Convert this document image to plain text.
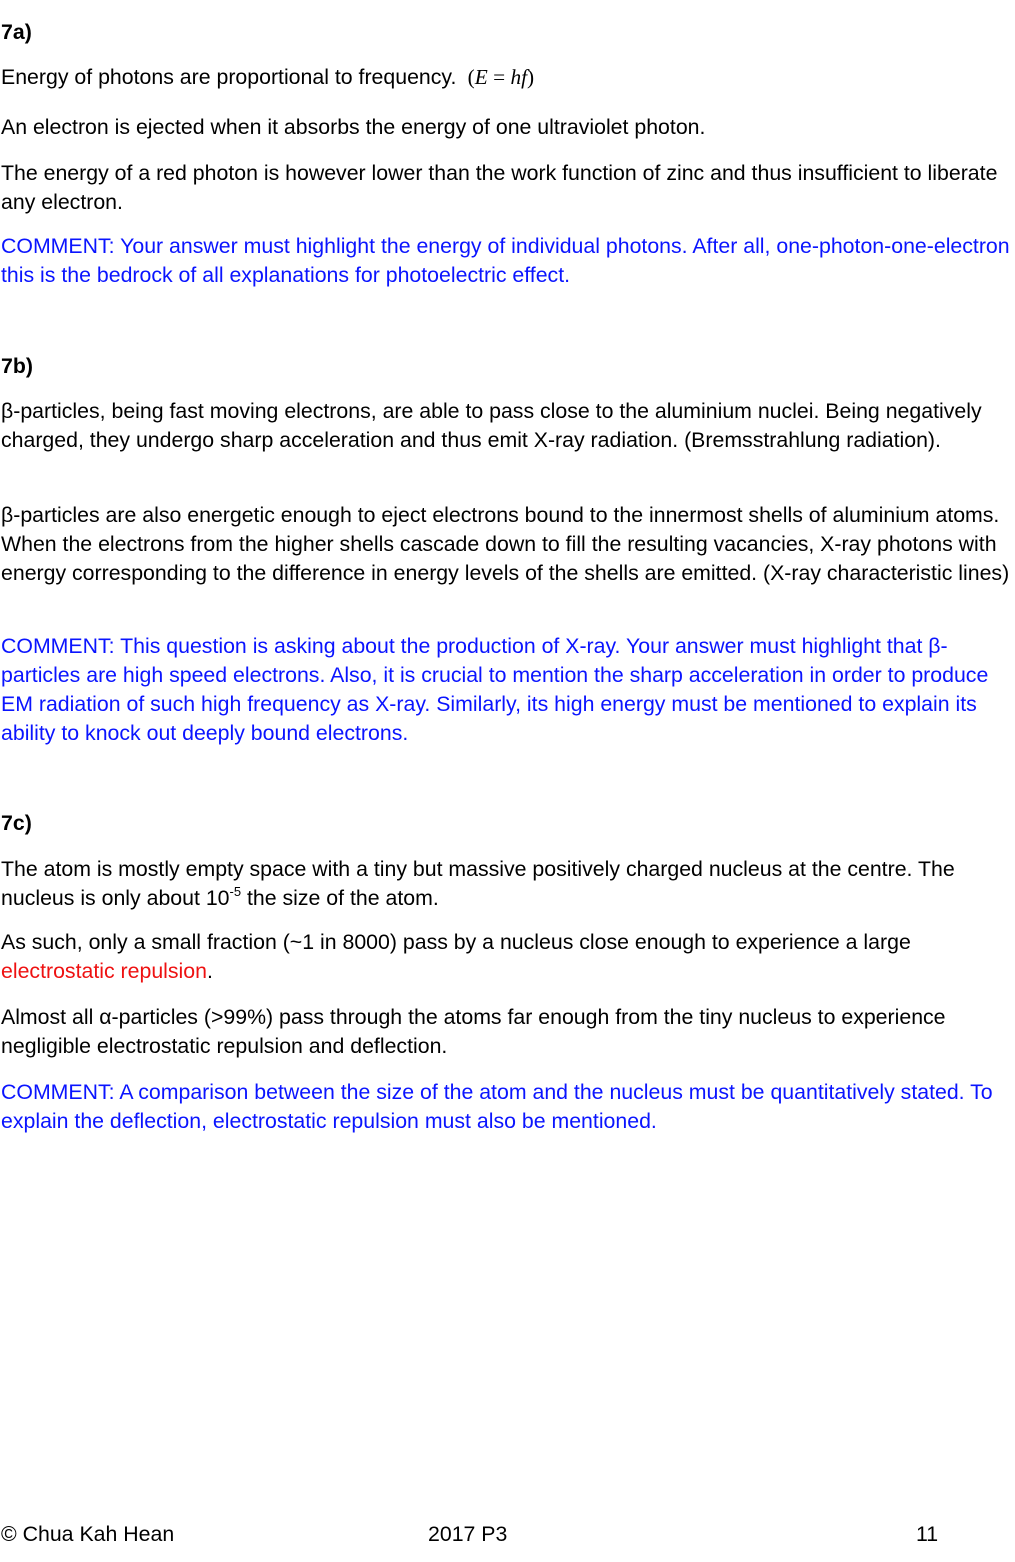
7a)
Energy of photons are proportional to frequency. (E = hf)
An electron is ejected when it absorbs the energy of one ultraviolet photon.
The energy of a red photon is however lower than the work function of zinc and thus insufficient to liberate any electron.
COMMENT: Your answer must highlight the energy of individual photons. After all, one-photon-one-electron this is the bedrock of all explanations for photoelectric effect.
7b)
β-particles, being fast moving electrons, are able to pass close to the aluminium nuclei. Being negatively charged, they undergo sharp acceleration and thus emit X-ray radiation. (Bremsstrahlung radiation).
β-particles are also energetic enough to eject electrons bound to the innermost shells of aluminium atoms. When the electrons from the higher shells cascade down to fill the resulting vacancies, X-ray photons with energy corresponding to the difference in energy levels of the shells are emitted. (X-ray characteristic lines)
COMMENT: This question is asking about the production of X-ray. Your answer must highlight that β-particles are high speed electrons. Also, it is crucial to mention the sharp acceleration in order to produce EM radiation of such high frequency as X-ray. Similarly, its high energy must be mentioned to explain its ability to knock out deeply bound electrons.
7c)
The atom is mostly empty space with a tiny but massive positively charged nucleus at the centre. The nucleus is only about $10^{-5}$ the size of the atom.
As such, only a small fraction (~1 in 8000) pass by a nucleus close enough to experience a large electrostatic repulsion.
Almost all α-particles (>99%) pass through the atoms far enough from the tiny nucleus to experience negligible electrostatic repulsion and deflection.
COMMENT: A comparison between the size of the atom and the nucleus must be quantitatively stated. To explain the deflection, electrostatic repulsion must also be mentioned.
© Chua Kah Hean	2017 P3	11
